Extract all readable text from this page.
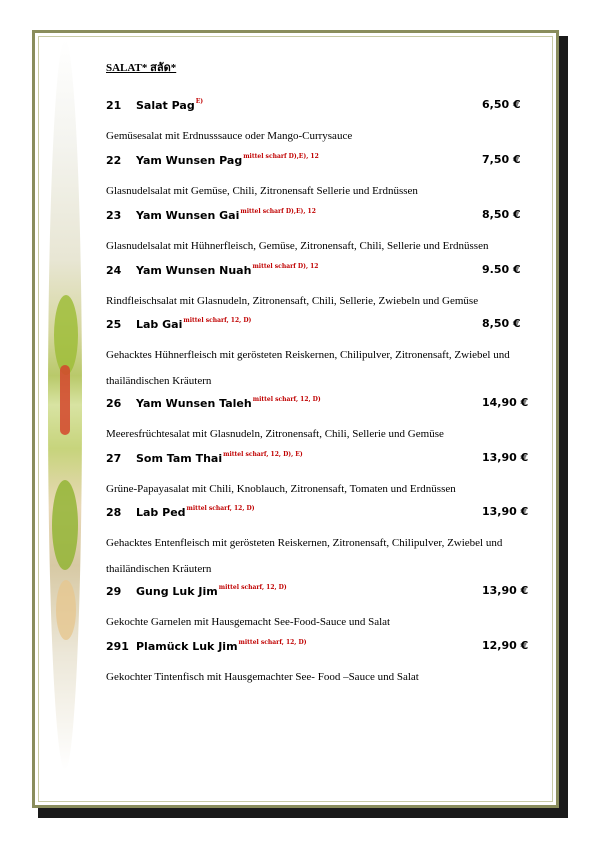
SALAT* สลัด*
21 Salat Pag$^{E)}$	6,50 €
Gemüsesalat mit Erdnusssauce oder Mango-Currysauce
22 Yam Wunsen Pag$^{mittel scharf D),E), 12}$	7,50 €
Glasnudelsalat mit Gemüse, Chili, Zitronensaft Sellerie und Erdnüssen
23 Yam Wunsen Gai$^{mittel scharf D),E), 12}$	8,50 €
Glasnudelsalat mit Hühnerfleisch, Gemüse, Zitronensaft, Chili, Sellerie und Erdnüssen
24 Yam Wunsen Nuah$^{mittel scharf D), 12}$	9.50 €
Rindfleischsalat mit Glasnudeln, Zitronensaft, Chili, Sellerie, Zwiebeln und Gemüse
25 Lab Gai$^{mittel scharf, 12, D)}$	8,50 €
Gehacktes Hühnerfleisch mit gerösteten Reiskernen, Chilipulver, Zitronensaft, Zwiebel und thailändischen Kräutern
26 Yam Wunsen Taleh$^{mittel scharf, 12, D)}$	14,90 €
Meeresfrüchtesalat mit Glasnudeln, Zitronensaft, Chili, Sellerie und Gemüse
27 Som Tam Thai$^{mittel scharf, 12, D), E)}$	13,90 €
Grüne-Papayasalat mit Chili, Knoblauch, Zitronensaft, Tomaten und Erdnüssen
28 Lab Ped$^{mittel scharf, 12, D)}$	13,90 €
Gehacktes Entenfleisch mit gerösteten Reiskernen, Zitronensaft, Chilipulver, Zwiebel und thailändischen Kräutern
29 Gung Luk Jim$^{mittel scharf, 12, D)}$	13,90 €
Gekochte Garnelen mit Hausgemacht See-Food-Sauce und Salat
291 Plamück Luk Jim$^{mittel scharf, 12, D)}$	12,90 €
Gekochter Tintenfisch mit Hausgemachter See- Food –Sauce und Salat
